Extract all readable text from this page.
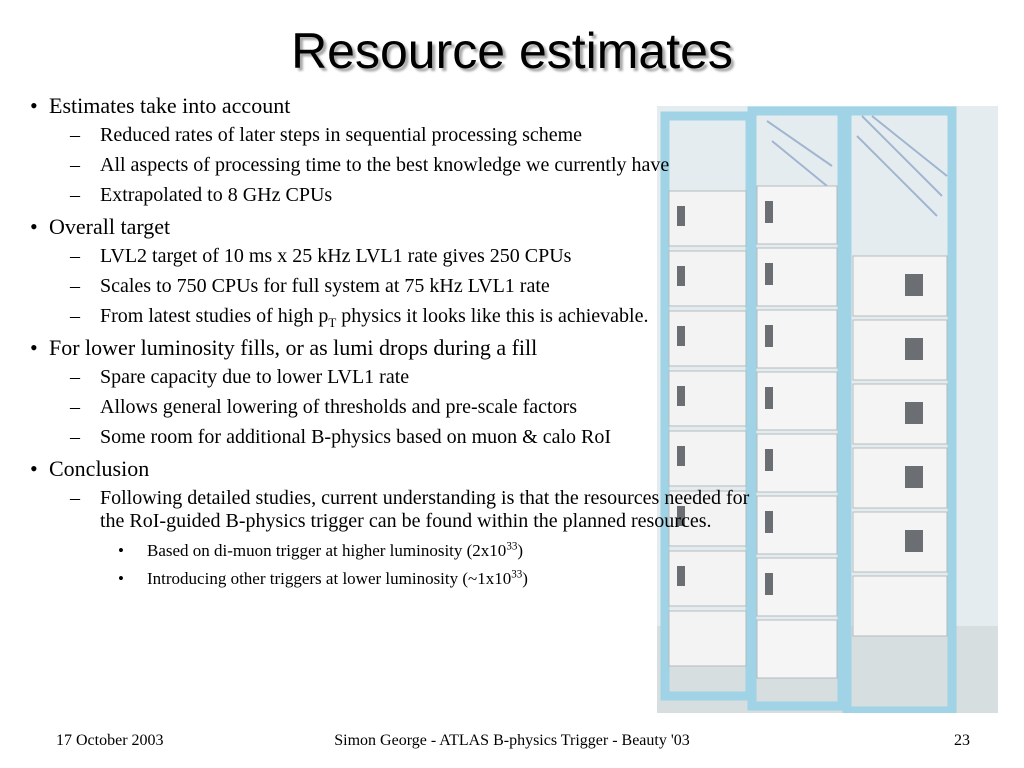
Resource estimates
• Estimates take into account
– Reduced rates of later steps in sequential processing scheme
– All aspects of processing time to the best knowledge we currently have
– Extrapolated to 8 GHz CPUs
• Overall target
– LVL2 target of 10 ms x 25 kHz LVL1 rate gives 250 CPUs
– Scales to 750 CPUs for full system at 75 kHz LVL1 rate
– From latest studies of high $p_T$ physics it looks like this is achievable.
• For lower luminosity fills, or as lumi drops during a fill
– Spare capacity due to lower LVL1 rate
– Allows general lowering of thresholds and pre-scale factors
– Some room for additional B-physics based on muon & calo RoI
• Conclusion
– Following detailed studies, current understanding is that the resources needed for the RoI-guided B-physics trigger can be found within the planned resources.
• Based on di-muon trigger at higher luminosity $(2x10^{33})$
• Introducing other triggers at lower luminosity $(\sim 1x10^{33})$
17 October 2003	Simon George - ATLAS B-physics Trigger - Beauty '03	23
